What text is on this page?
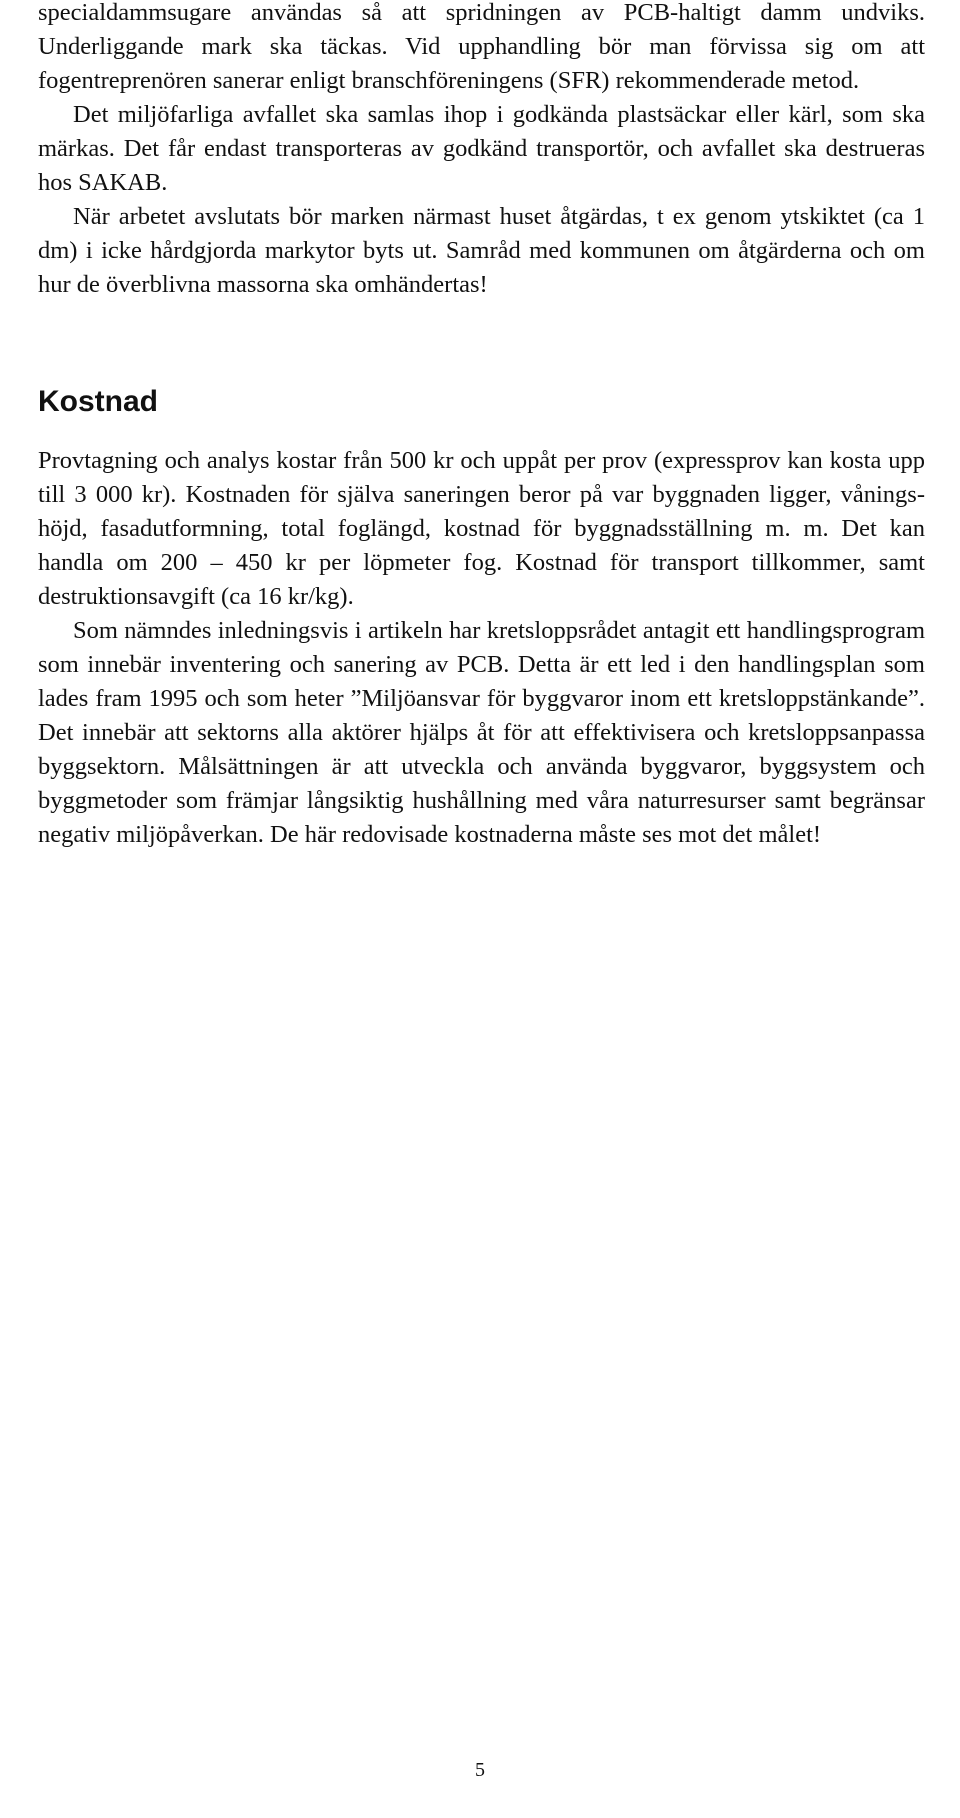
specialdammsugare användas så att spridningen av PCB-haltigt damm undviks. Underliggande mark ska täckas. Vid upphandling bör man förvissa sig om att fogentreprenören sanerar enligt branschföreningens (SFR) rekommenderade metod.

Det miljöfarliga avfallet ska samlas ihop i godkända plastsäckar eller kärl, som ska märkas. Det får endast transporteras av godkänd transportör, och avfallet ska destrueras hos SAKAB.

När arbetet avslutats bör marken närmast huset åtgärdas, t ex genom ytskiktet (ca 1 dm) i icke hårdgjorda markytor byts ut. Samråd med kommunen om åtgärderna och om hur de överblivna massorna ska omhändertas!

Kostnad

Provtagning och analys kostar från 500 kr och uppåt per prov (expressprov kan kosta upp till 3 000 kr). Kostnaden för själva saneringen beror på var byggnaden ligger, vånings-höjd, fasadutformning, total foglängd, kostnad för byggnadsställning m. m. Det kan handla om 200 – 450 kr per löpmeter fog. Kostnad för transport tillkommer, samt destruktionsavgift (ca 16 kr/kg).

Som nämndes inledningsvis i artikeln har kretsloppsrådet antagit ett handlingsprogram som innebär inventering och sanering av PCB. Detta är ett led i den handlingsplan som lades fram 1995 och som heter ”Miljöansvar för byggvaror inom ett kretsloppstänkande”. Det innebär att sektorns alla aktörer hjälps åt för att effektivisera och kretsloppsanpassa byggsektorn. Målsättningen är att utveckla och använda byggvaror, byggsystem och byggmetoder som främjar långsiktig hushållning med våra naturresurser samt begränsar negativ miljöpåverkan. De här redovisade kostnaderna måste ses mot det målet!

5
